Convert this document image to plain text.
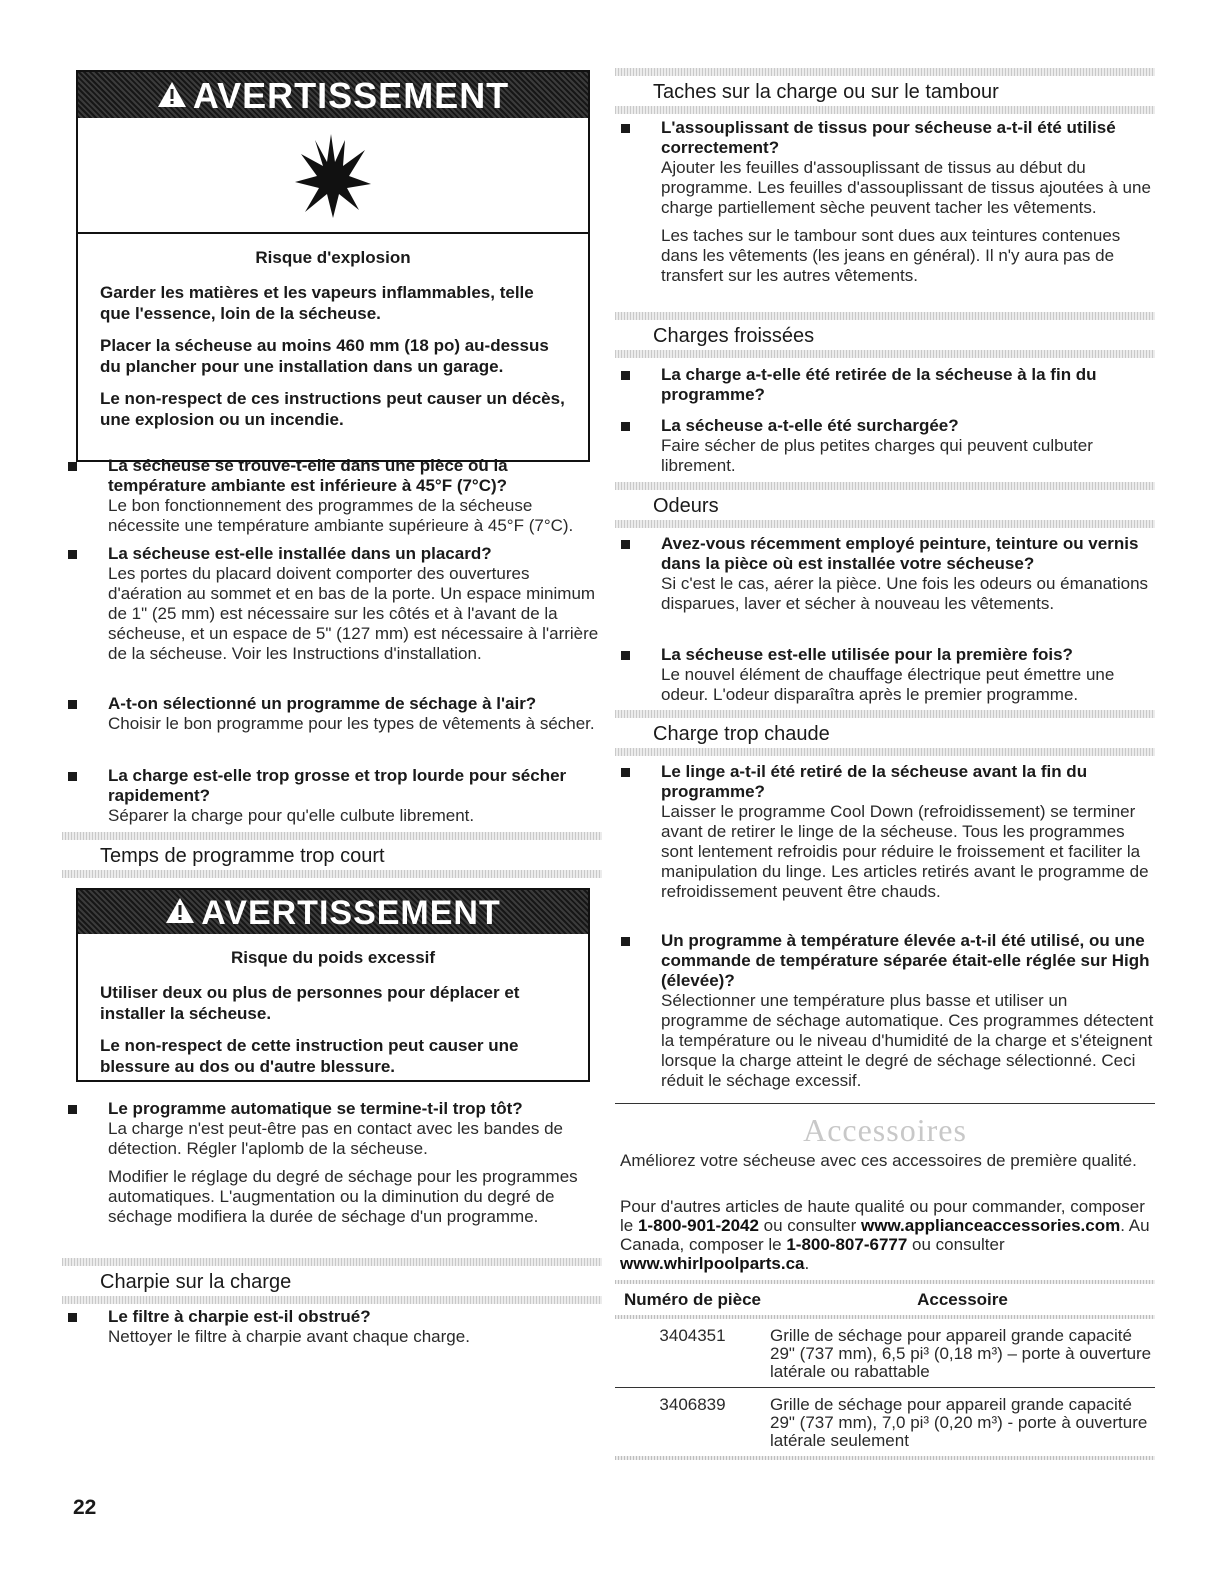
AVERTISSEMENT

Risque d'explosion

Garder les matières et les vapeurs inflammables, telle que l'essence, loin de la sécheuse.

Placer la sécheuse au moins 460 mm (18 po) au-dessus du plancher pour une installation dans un garage.

Le non-respect de ces instructions peut causer un décès, une explosion ou un incendie.

La sécheuse se trouve-t-elle dans une pièce où la température ambiante est inférieure à 45°F (7°C)?

Le bon fonctionnement des programmes de la sécheuse nécessite une température ambiante supérieure à 45°F (7°C).

La sécheuse est-elle installée dans un placard?

Les portes du placard doivent comporter des ouvertures d'aération au sommet et en bas de la porte. Un espace minimum de 1" (25 mm) est nécessaire sur les côtés et à l'avant de la sécheuse, et un espace de 5" (127 mm) est nécessaire à l'arrière de la sécheuse. Voir les Instructions d'installation.

A-t-on sélectionné un programme de séchage à l'air?

Choisir le bon programme pour les types de vêtements à sécher.

La charge est-elle trop grosse et trop lourde pour sécher rapidement?

Séparer la charge pour qu'elle culbute librement.

Temps de programme trop court
AVERTISSEMENT

Risque du poids excessif

Utiliser deux ou plus de personnes pour déplacer et installer la sécheuse.

Le non-respect de cette instruction peut causer une blessure au dos ou d'autre blessure.

Le programme automatique se termine-t-il trop tôt?

La charge n'est peut-être pas en contact avec les bandes de détection. Régler l'aplomb de la sécheuse.

Modifier le réglage du degré de séchage pour les programmes automatiques. L'augmentation ou la diminution du degré de séchage modifiera la durée de séchage d'un programme.

Charpie sur la charge

Le filtre à charpie est-il obstrué?

Nettoyer le filtre à charpie avant chaque charge.

22
Taches sur la charge ou sur le tambour

L'assouplissant de tissus pour sécheuse a-t-il été utilisé correctement?

Ajouter les feuilles d'assouplissant de tissus au début du programme. Les feuilles d'assouplissant de tissus ajoutées à une charge partiellement sèche peuvent tacher les vêtements.

Les taches sur le tambour sont dues aux teintures contenues dans les vêtements (les jeans en général). Il n'y aura pas de transfert sur les autres vêtements.

Charges froissées

La charge a-t-elle été retirée de la sécheuse à la fin du programme?

La sécheuse a-t-elle été surchargée?

Faire sécher de plus petites charges qui peuvent culbuter librement.

Odeurs

Avez-vous récemment employé peinture, teinture ou vernis dans la pièce où est installée votre sécheuse?

Si c'est le cas, aérer la pièce. Une fois les odeurs ou émanations disparues, laver et sécher à nouveau les vêtements.

La sécheuse est-elle utilisée pour la première fois?

Le nouvel élément de chauffage électrique peut émettre une odeur. L'odeur disparaîtra après le premier programme.

Charge trop chaude

Le linge a-t-il été retiré de la sécheuse avant la fin du programme?

Laisser le programme Cool Down (refroidissement) se terminer avant de retirer le linge de la sécheuse. Tous les programmes sont lentement refroidis pour réduire le froissement et faciliter la manipulation du linge. Les articles retirés avant le programme de refroidissement peuvent être chauds.

Un programme à température élevée a-t-il été utilisé, ou une commande de température séparée était-elle réglée sur High (élevée)?

Sélectionner une température plus basse et utiliser un programme de séchage automatique. Ces programmes détectent la température ou le niveau d'humidité de la charge et s'éteignent lorsque la charge atteint le degré de séchage sélectionné. Ceci réduit le séchage excessif.

Accessoires

Améliorez votre sécheuse avec ces accessoires de première qualité.

Pour d'autres articles de haute qualité ou pour commander, composer le 1-800-901-2042 ou consulter www.applianceaccessories.com. Au Canada, composer le 1-800-807-6777 ou consulter www.whirlpoolparts.ca.

Numéro de pièce	Accessoire
3404351	Grille de séchage pour appareil grande capacité 29" (737 mm), 6,5 pi³ (0,18 m³) – porte à ouverture latérale ou rabattable
3406839	Grille de séchage pour appareil grande capacité 29" (737 mm), 7,0 pi³ (0,20 m³) - porte à ouverture latérale seulement
